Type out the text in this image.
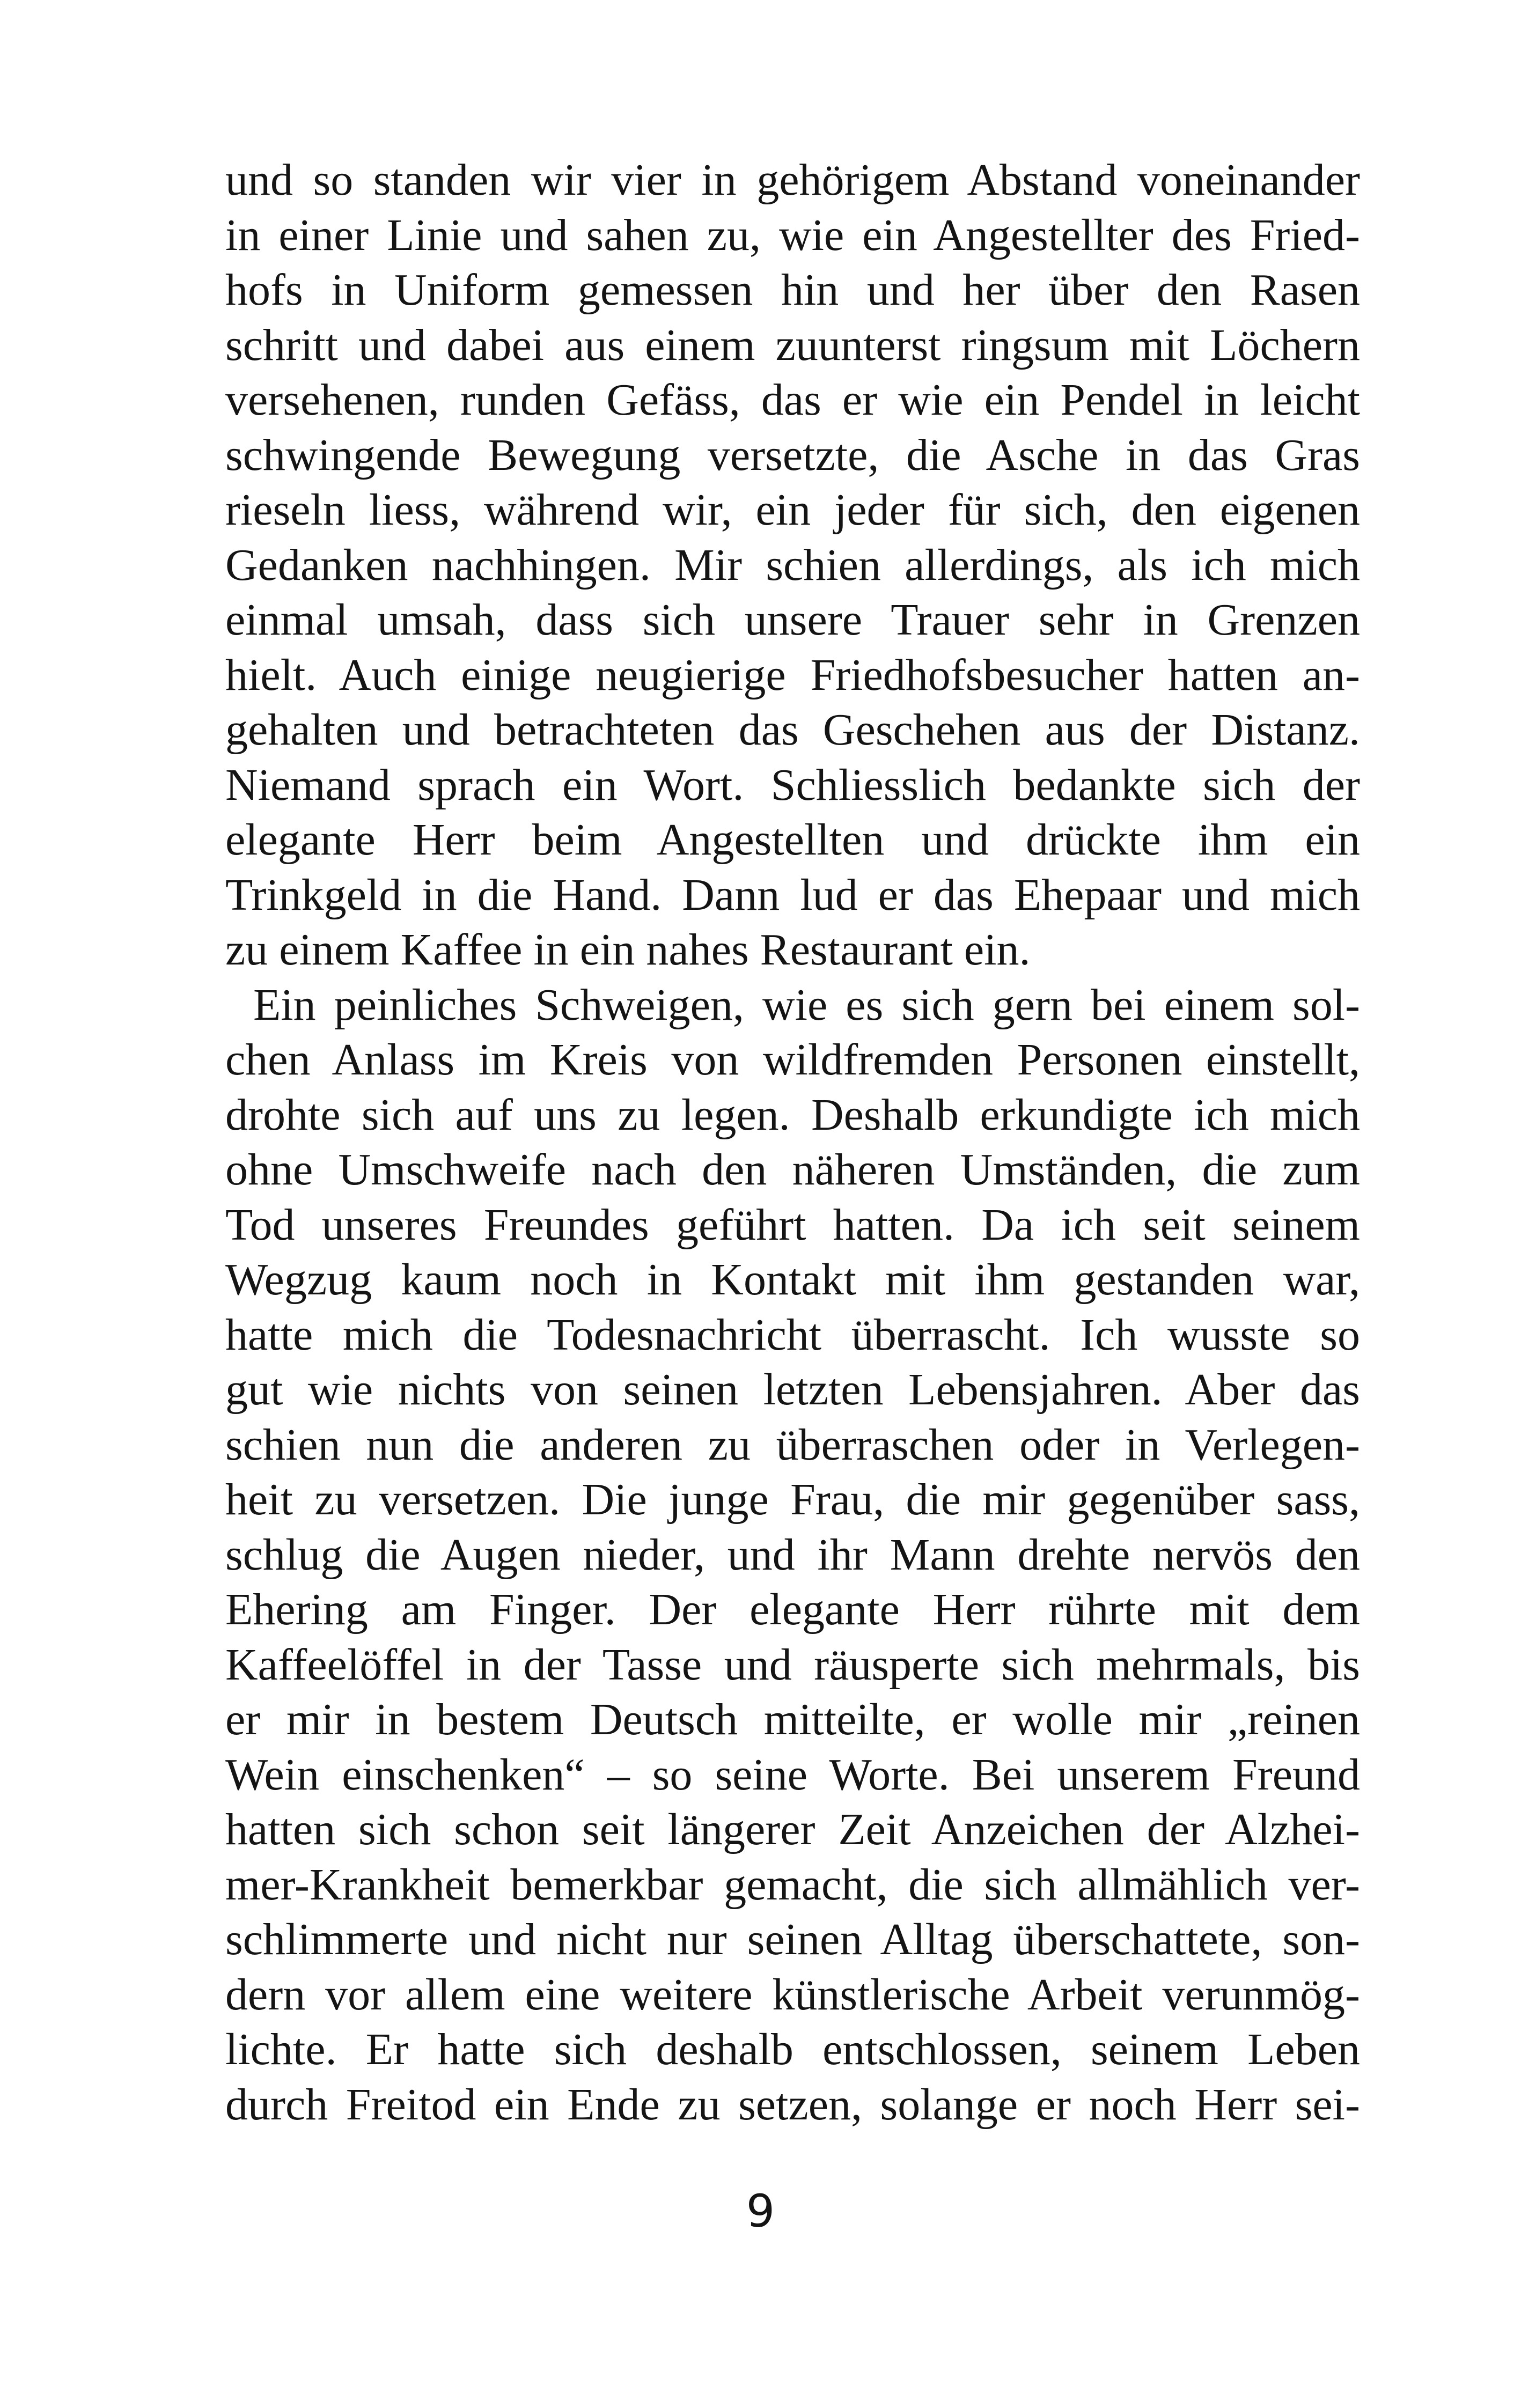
und so standen wir vier in gehörigem Abstand voneinander
in einer Linie und sahen zu, wie ein Angestellter des Fried-
hofs in Uniform gemessen hin und her über den Rasen
schritt und dabei aus einem zuunterst ringsum mit Löchern
versehenen, runden Gefäss, das er wie ein Pendel in leicht
schwingende Bewegung versetzte, die Asche in das Gras
rieseln liess, während wir, ein jeder für sich, den eigenen
Gedanken nachhingen. Mir schien allerdings, als ich mich
einmal umsah, dass sich unsere Trauer sehr in Grenzen
hielt. Auch einige neugierige Friedhofsbesucher hatten an-
gehalten und betrachteten das Geschehen aus der Distanz.
Niemand sprach ein Wort. Schliesslich bedankte sich der
elegante Herr beim Angestellten und drückte ihm ein
Trinkgeld in die Hand. Dann lud er das Ehepaar und mich
zu einem Kaffee in ein nahes Restaurant ein.
Ein peinliches Schweigen, wie es sich gern bei einem sol-
chen Anlass im Kreis von wildfremden Personen einstellt,
drohte sich auf uns zu legen. Deshalb erkundigte ich mich
ohne Umschweife nach den näheren Umständen, die zum
Tod unseres Freundes geführt hatten. Da ich seit seinem
Wegzug kaum noch in Kontakt mit ihm gestanden war,
hatte mich die Todesnachricht überrascht. Ich wusste so
gut wie nichts von seinen letzten Lebensjahren. Aber das
schien nun die anderen zu überraschen oder in Verlegen-
heit zu versetzen. Die junge Frau, die mir gegenüber sass,
schlug die Augen nieder, und ihr Mann drehte nervös den
Ehering am Finger. Der elegante Herr rührte mit dem
Kaffeelöffel in der Tasse und räusperte sich mehrmals, bis
er mir in bestem Deutsch mitteilte, er wolle mir „reinen
Wein einschenken“ – so seine Worte. Bei unserem Freund
hatten sich schon seit längerer Zeit Anzeichen der Alzhei-
mer-Krankheit bemerkbar gemacht, die sich allmählich ver-
schlimmerte und nicht nur seinen Alltag überschattete, son-
dern vor allem eine weitere künstlerische Arbeit verunmög-
lichte. Er hatte sich deshalb entschlossen, seinem Leben
durch Freitod ein Ende zu setzen, solange er noch Herr sei-
9
